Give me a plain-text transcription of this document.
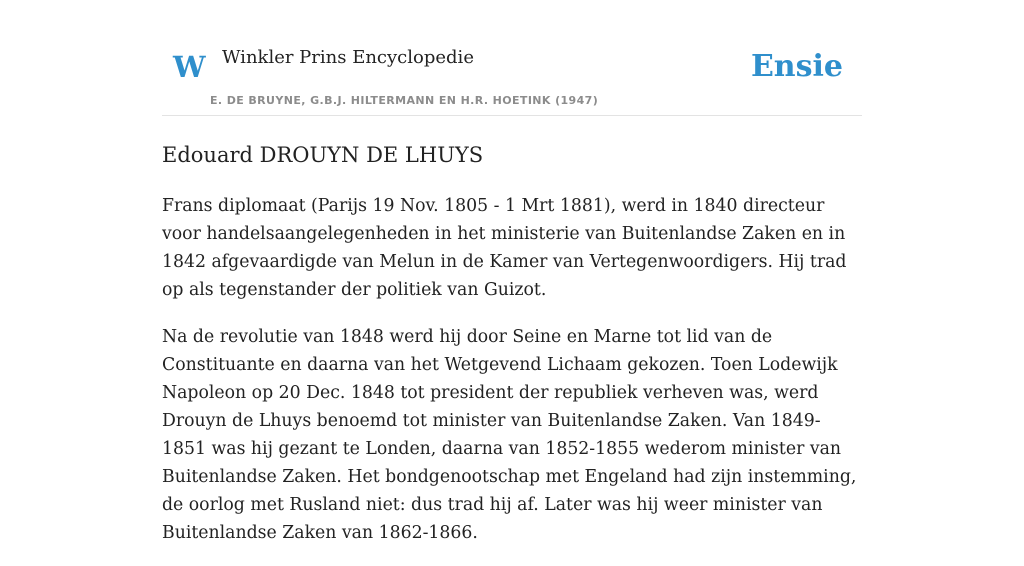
W Winkler Prins Encyclopedie
E. DE BRUYNE, G.B.J. HILTERMANN EN H.R. HOETINK (1947)
Ensie
Edouard DROUYN DE LHUYS

Frans diplomaat (Parijs 19 Nov. 1805 - 1 Mrt 1881), werd in 1840 directeur voor handelsaangelegenheden in het ministerie van Buitenlandse Zaken en in 1842 afgevaardigde van Melun in de Kamer van Vertegenwoordigers. Hij trad op als tegenstander der politiek van Guizot.

Na de revolutie van 1848 werd hij door Seine en Marne tot lid van de Constituante en daarna van het Wetgevend Lichaam gekozen. Toen Lodewijk Napoleon op 20 Dec. 1848 tot president der republiek verheven was, werd Drouyn de Lhuys benoemd tot minister van Buitenlandse Zaken. Van 1849-1851 was hij gezant te Londen, daarna van 1852-1855 wederom minister van Buitenlandse Zaken. Het bondgenootschap met Engeland had zijn instemming, de oorlog met Rusland niet: dus trad hij af. Later was hij weer minister van Buitenlandse Zaken van 1862-1866.
